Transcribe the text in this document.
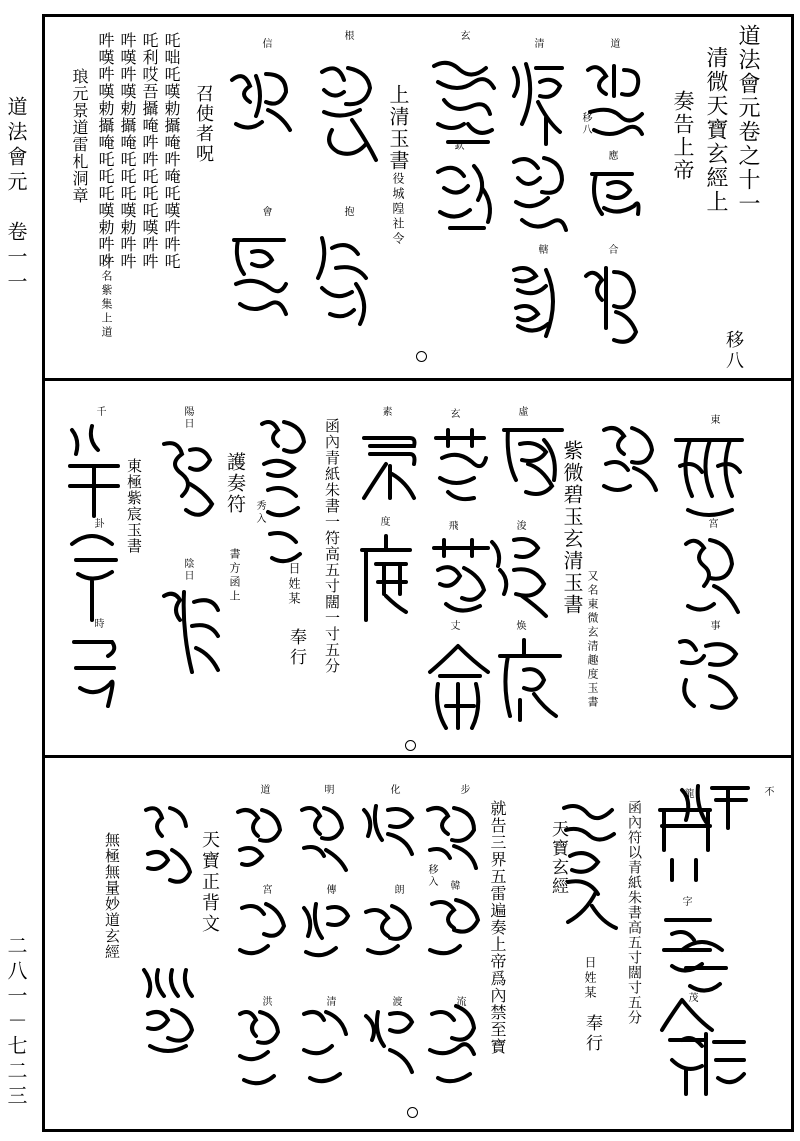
道法會元　卷一一
二八一－七二三
道法會元卷之十一
清微天寶玄經上
奏告上帝
移八
道
清
玄
根
信
應
欽
合
轄
抱
會
移八
上清玉書
役城隍社令
召使者呪
吒咄吒嘆勅攝唵吽唵吒嘆吽吽吒
吒利哎吾攝唵吽吽吒吒吒嘆吽吽
吽嘆吽嘆勅攝唵吒吒吒嘆勅吽吽
吽嘆吽嘆勅攝唵吒吒吒嘆勅吽吽
琅元景道雷札洞章
夕名紫集上道
東
虛
玄
素
陽日
千
宮
浚
飛
度
陰日
卦
事
焕
丈
時
紫微碧玉玄清玉書
又名東微玄清趣度玉書
函內青紙朱書一符高五寸闊一寸五分
日姓某
奉行
護奏符
書方函上
秀入
東極紫宸玉書
不
龍
字
茂
函內符以青紙朱書高五寸闊寸五分
天寶玄經
日姓某
奉行
就告三界五雷遍奏上帝爲內禁至寶
步
化
明
道
韓
朗
傳
宮
流
渡
清
洪
移入
天寶正背文
無極無量妙道玄經
